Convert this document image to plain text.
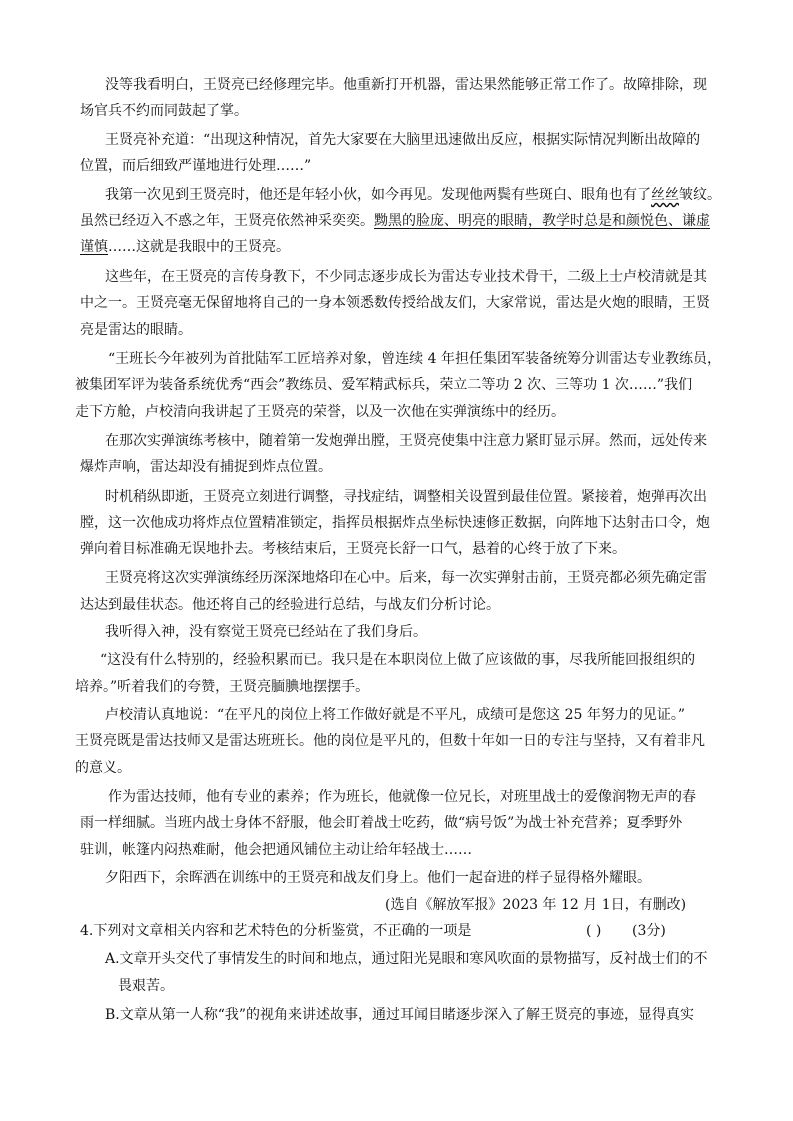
没等我看明白，王贤亮已经修理完毕。他重新打开机器，雷达果然能够正常工作了。故障排除，现
场官兵不约而同鼓起了掌。
王贤亮补充道：“出现这种情况，首先大家要在大脑里迅速做出反应，根据实际情况判断出故障的
位置，而后细致严谨地进行处理……”
我第一次见到王贤亮时，他还是年轻小伙，如今再见。发现他两鬓有些斑白、眼角也有了丝丝皱纹。
虽然已经迈入不惑之年，王贤亮依然神采奕奕。黝黑的脸庞、明亮的眼睛，教学时总是和颜悦色、谦虚
谨慎……这就是我眼中的王贤亮。
这些年，在王贤亮的言传身教下，不少同志逐步成长为雷达专业技术骨干，二级上士卢校清就是其
中之一。王贤亮毫无保留地将自己的一身本领悉数传授给战友们，大家常说，雷达是火炮的眼睛，王贤
亮是雷达的眼睛。
“王班长今年被列为首批陆军工匠培养对象，曾连续 4 年担任集团军装备统筹分训雷达专业教练员，
被集团军评为装备系统优秀“西会”教练员、爱军精武标兵，荣立二等功 2 次、三等功 1 次……”我们
走下方舱，卢校清向我讲起了王贤亮的荣誉，以及一次他在实弹演练中的经历。
在那次实弹演练考核中，随着第一发炮弹出膛，王贤亮使集中注意力紧盯显示屏。然而，远处传来
爆炸声响，雷达却没有捕捉到炸点位置。
时机稍纵即逝，王贤亮立刻进行调整，寻找症结，调整相关设置到最佳位置。紧接着，炮弹再次出
膛，这一次他成功将炸点位置精准锁定，指挥员根据炸点坐标快速修正数据，向阵地下达射击口令，炮
弹向着目标准确无误地扑去。考核结束后，王贤亮长舒一口气，悬着的心终于放了下来。
王贤亮将这次实弹演练经历深深地烙印在心中。后来，每一次实弹射击前，王贤亮都必须先确定雷
达达到最佳状态。他还将自己的经验进行总结，与战友们分析讨论。
我听得入神，没有察觉王贤亮已经站在了我们身后。
“这没有什么特别的，经验积累而已。我只是在本职岗位上做了应该做的事，尽我所能回报组织的
培养。”听着我们的夸赞，王贤亮腼腆地摆摆手。
卢校清认真地说：“在平凡的岗位上将工作做好就是不平凡，成绩可是您这 25 年努力的见证。”
王贤亮既是雷达技师又是雷达班班长。他的岗位是平凡的，但数十年如一日的专注与坚持，又有着非凡
的意义。
作为雷达技师，他有专业的素养；作为班长，他就像一位兄长，对班里战士的爱像润物无声的春
雨一样细腻。当班内战士身体不舒服，他会盯着战士吃药，做“病号饭”为战士补充营养；夏季野外
驻训，帐篷内闷热难耐，他会把通风铺位主动让给年轻战士……
夕阳西下，余晖洒在训练中的王贤亮和战友们身上。他们一起奋进的样子显得格外耀眼。
(选自《解放军报》2023 年 12 月 1日，有删改)
4.下列对文章相关内容和艺术特色的分析鉴赏，不正确的一项是	( ) (3分)
A.文章开头交代了事情发生的时间和地点，通过阳光晃眼和寒风吹面的景物描写，反衬战士们的不
畏艰苦。
B.文章从第一人称“我”的视角来讲述故事，通过耳闻目睹逐步深入了解王贤亮的事迹，显得真实
